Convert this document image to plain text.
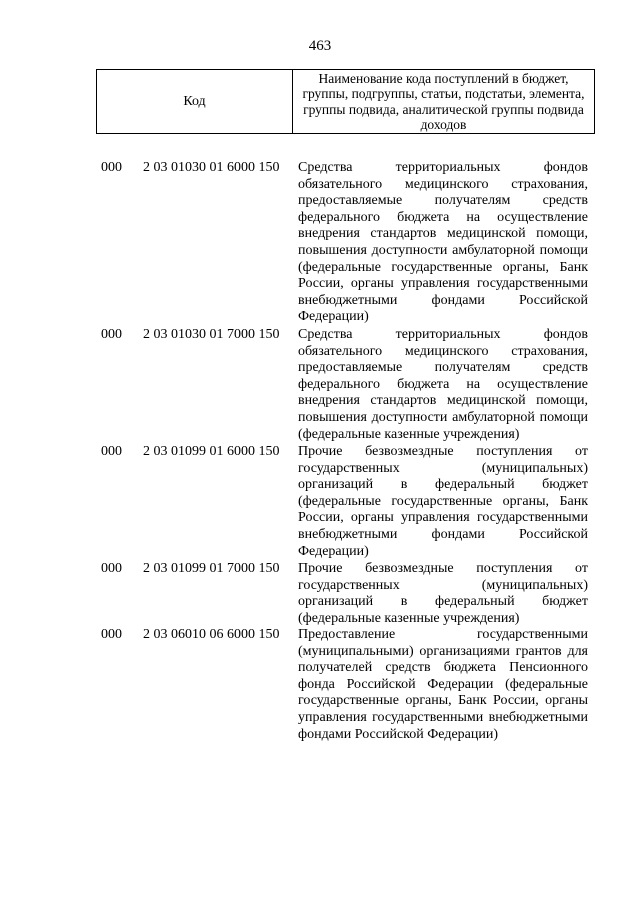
463
Код
Наименование кода поступлений в бюджет, группы, подгруппы, статьи, подстатьи, элемента, группы подвида, аналитической группы подвида доходов
000 2 03 01030 01 6000 150 Средства территориальных фондов обязательного медицинского страхования, предоставляемые получателям средств федерального бюджета на осуществление внедрения стандартов медицинской помощи, повышения доступности амбулаторной помощи (федеральные государственные органы, Банк России, органы управления государственными внебюджетными фондами Российской Федерации)
000 2 03 01030 01 7000 150 Средства территориальных фондов обязательного медицинского страхования, предоставляемые получателям средств федерального бюджета на осуществление внедрения стандартов медицинской помощи, повышения доступности амбулаторной помощи (федеральные казенные учреждения)
000 2 03 01099 01 6000 150 Прочие безвозмездные поступления от государственных (муниципальных) организаций в федеральный бюджет (федеральные государственные органы, Банк России, органы управления государственными внебюджетными фондами Российской Федерации)
000 2 03 01099 01 7000 150 Прочие безвозмездные поступления от государственных (муниципальных) организаций в федеральный бюджет (федеральные казенные учреждения)
000 2 03 06010 06 6000 150 Предоставление государственными (муниципальными) организациями грантов для получателей средств бюджета Пенсионного фонда Российской Федерации (федеральные государственные органы, Банк России, органы управления государственными внебюджетными фондами Российской Федерации)
